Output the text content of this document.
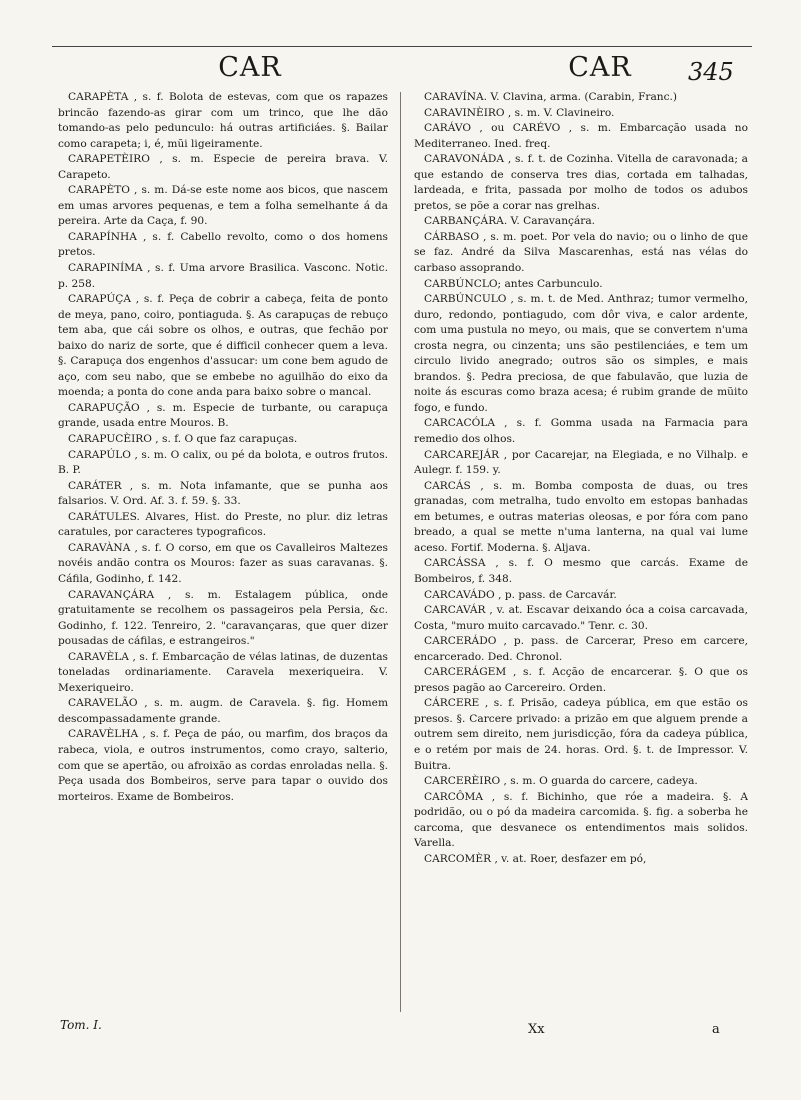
CAR	CAR	345

CARAPÈTA , s. f. Bolota de estevas, com que os rapazes brincão fazendo-as girar com um trinco, que lhe dão tomando-as pelo pedunculo: há outras artificiáes. §. Bailar como carapeta; i, é, mũi ligeiramente.

CARAPETÈIRO , s. m. Especie de pereira brava. V. Carapeto.

CARAPÈTO , s. m. Dá-se este nome aos bicos, que nascem em umas arvores pequenas, e tem a folha semelhante á da pereira. Arte da Caça, f. 90.

CARAPÍNHA , s. f. Cabello revolto, como o dos homens pretos.

CARAPINÍMA , s. f. Uma arvore Brasilica. Vasconc. Notic. p. 258.

CARAPÚÇA , s. f. Peça de cobrir a cabeça, feita de ponto de meya, pano, coiro, pontiaguda. §. As carapuças de rebuço tem aba, que cái sobre os olhos, e outras, que fechão por baixo do nariz de sorte, que é difficil conhecer quem a leva. §. Carapuça dos engenhos d'assucar: um cone bem agudo de aço, com seu nabo, que se embebe no aguilhão do eixo da moenda; a ponta do cone anda para baixo sobre o mancal.

CARAPUÇÃO , s. m. Especie de turbante, ou carapuça grande, usada entre Mouros. B.

CARAPUCÈIRO , s. f. O que faz carapuças.

CARAPÚLO , s. m. O calix, ou pé da bolota, e outros frutos. B. P.

CARÁTER , s. m. Nota infamante, que se punha aos falsarios. V. Ord. Af. 3. f. 59. §. 33.

CARÁTULES. Alvares, Hist. do Preste, no plur. diz letras caratules, por caracteres typograficos.

CARAVÀNA , s. f. O corso, em que os Cavalleiros Maltezes novéis andão contra os Mouros: fazer as suas caravanas. §. Cáfila, Godinho, f. 142.

CARAVANÇÁRA , s. m. Estalagem pública, onde gratuitamente se recolhem os passageiros pela Persia, &c. Godinho, f. 122. Tenreiro, 2. "caravançaras, que quer dizer pousadas de cáfilas, e estrangeiros."

CARAVÈLA , s. f. Embarcação de vélas latinas, de duzentas toneladas ordinariamente. Caravela mexeriqueira. V. Mexeriqueiro.

CARAVELÃO , s. m. augm. de Caravela. §. fig. Homem descompassadamente grande.

CARAVÈLHA , s. f. Peça de páo, ou marfim, dos braços da rabeca, viola, e outros instrumentos, como crayo, salterio, com que se apertão, ou afroixão as cordas enroladas nella. §. Peça usada dos Bombeiros, serve para tapar o ouvido dos morteiros. Exame de Bombeiros.

CARAVÍNA. V. Clavina, arma. (Carabin, Franc.)

CARAVINÈIRO , s. m. V. Clavineiro.

CARÁVO , ou CARÉVO , s. m. Embarcação usada no Mediterraneo. Ined. freq.

CARAVONÁDA , s. f. t. de Cozinha. Vitella de caravonada; a que estando de conserva tres dias, cortada em talhadas, lardeada, e frita, passada por molho de todos os adubos pretos, se põe a corar nas grelhas.

CARBANÇÁRA. V. Caravançára.

CÁRBASO , s. m. poet. Por vela do navio; ou o linho de que se faz. André da Silva Mascarenhas, está nas vélas do carbaso assoprando.

CARBÚNCLO; antes Carbunculo.

CARBÚNCULO , s. m. t. de Med. Anthraz; tumor vermelho, duro, redondo, pontiagudo, com dôr viva, e calor ardente, com uma pustula no meyo, ou mais, que se convertem n'uma crosta negra, ou cinzenta; uns são pestilenciáes, e tem um circulo livido anegrado; outros são os simples, e mais brandos. §. Pedra preciosa, de que fabulavão, que luzia de noite ás escuras como braza acesa; é rubim grande de mũito fogo, e fundo.

CARCACÓLA , s. f. Gomma usada na Farmacia para remedio dos olhos.

CARCAREJÁR , por Cacarejar, na Elegiada, e no Vilhalp. e Aulegr. f. 159. y.

CARCÁS , s. m. Bomba composta de duas, ou tres granadas, com metralha, tudo envolto em estopas banhadas em betumes, e outras materias oleosas, e por fóra com pano breado, a qual se mette n'uma lanterna, na qual vai lume aceso. Fortif. Moderna. §. Aljava.

CARCÁSSA , s. f. O mesmo que carcás. Exame de Bombeiros, f. 348.

CARCAVÁDO , p. pass. de Carcavár.

CARCAVÁR , v. at. Escavar deixando óca a coisa carcavada, Costa, "muro muito carcavado." Tenr. c. 30.

CARCERÁDO , p. pass. de Carcerar, Preso em carcere, encarcerado. Ded. Chronol.

CARCERÁGEM , s. f. Acção de encarcerar. §. O que os presos pagão ao Carcereiro. Orden.

CÁRCERE , s. f. Prisão, cadeya pública, em que estão os presos. §. Carcere privado: a prizão em que alguem prende a outrem sem direito, nem jurisdicção, fóra da cadeya pública, e o retém por mais de 24. horas. Ord. §. t. de Impressor. V. Buitra.

CARCERÈIRO , s. m. O guarda do carcere, cadeya.

CARCÔMA , s. f. Bichinho, que róe a madeira. §. A podridão, ou o pó da madeira carcomida. §. fig. a soberba he carcoma, que desvanece os entendimentos mais solidos. Varella.

CARCOMÈR , v. at. Roer, desfazer em pó,

Tom. I.	Xx	a
